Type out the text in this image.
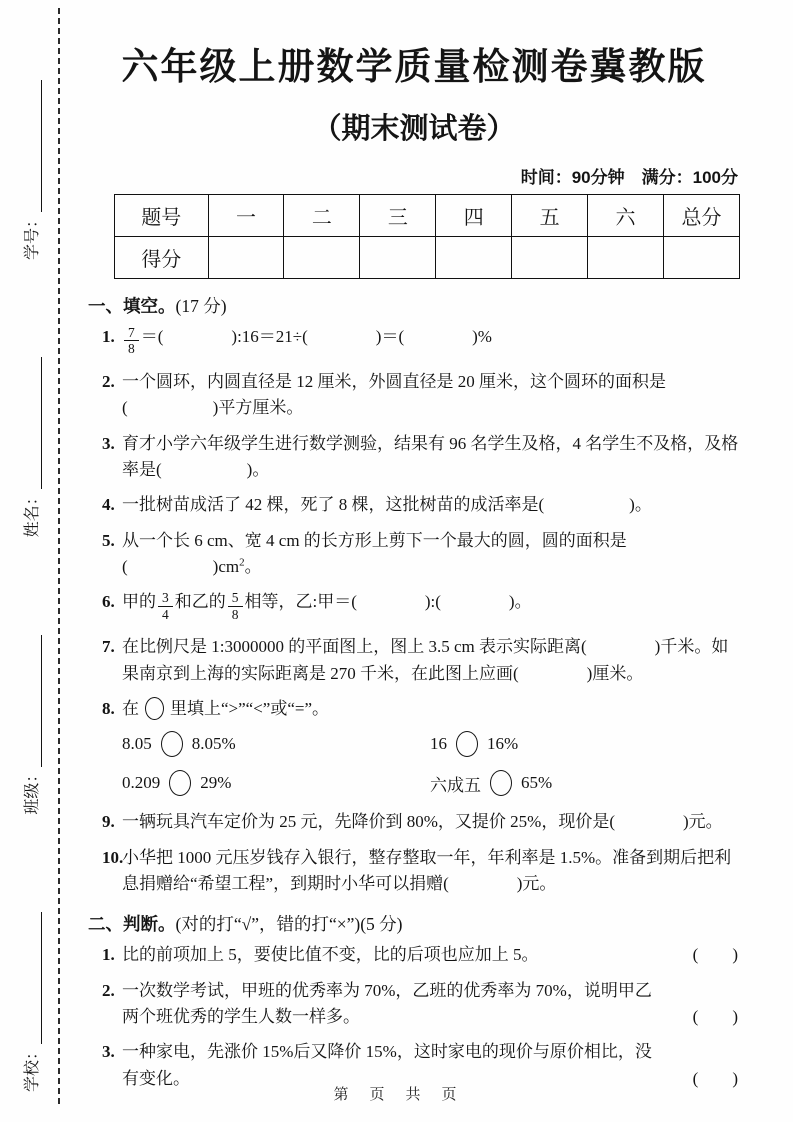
学号：
姓名：
班级：
学校：
六年级上册数学质量检测卷冀教版
（期末测试卷）
时间：90分钟　满分：100分
题号	一	二	三	四	五	六	总分
得分							
一、填空。(17 分)
1. $\frac{7}{8}$ ＝(　　　　):16＝21÷(　　　　)＝(　　　　)%
2. 一个圆环，内圆直径是 12 厘米，外圆直径是 20 厘米，这个圆环的面积是(　　　　　)平方厘米。
3. 育才小学六年级学生进行数学测验，结果有 96 名学生及格，4 名学生不及格，及格率是(　　　　　)。
4. 一批树苗成活了 42 棵，死了 8 棵，这批树苗的成活率是(　　　　　)。
5. 从一个长 6 cm、宽 4 cm 的长方形上剪下一个最大的圆，圆的面积是(　　　　　)$cm^2$。
6. 甲的 $\frac{3}{4}$ 和乙的 $\frac{5}{8}$ 相等，乙:甲＝(　　　　):(　　　　)。
7. 在比例尺是 1:3000000 的平面图上，图上 3.5 cm 表示实际距离(　　　　)千米。如果南京到上海的实际距离是 270 千米，在此图上应画(　　　　)厘米。
8. 在 里填上“>”“<”或“=”。
8.05 8.05%	16 16%
0.209 29%	六成五 65%
9. 一辆玩具汽车定价为 25 元，先降价到 80%，又提价 25%，现价是(　　　　)元。
10.
小华把 1000 元压岁钱存入银行，整存整取一年，年利率是 1.5%。准备到期后把利息捐赠给“希望工程”，到期时小华可以捐赠(　　　　)元。
二、判断。(对的打“√”，错的打“×”)(5 分)
1. 比的前项加上 5，要使比值不变，比的后项也应加上 5。	(　　)
2. 一次数学考试，甲班的优秀率为 70%，乙班的优秀率为 70%，说明甲乙两个班优秀的学生人数一样多。	(　　)
3. 一种家电，先涨价 15%后又降价 15%，这时家电的现价与原价相比，没有变化。	(　　)
第　页　共　页
